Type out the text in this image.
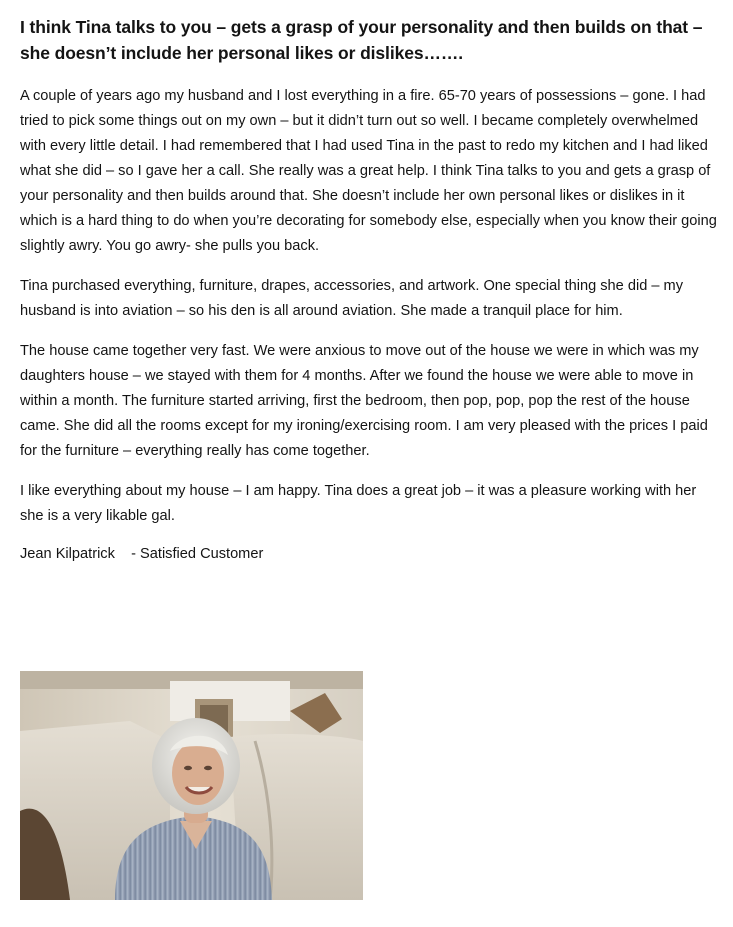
I think Tina talks to you – gets a grasp of your personality and then builds on that – she doesn’t include her personal likes or dislikes…….

A couple of years ago my husband and I lost everything in a fire. 65-70 years of possessions – gone. I had tried to pick some things out on my own – but it didn’t turn out so well. I became completely overwhelmed with every little detail. I had remembered that I had used Tina in the past to redo my kitchen and I had liked what she did – so I gave her a call. She really was a great help. I think Tina talks to you and gets a grasp of your personality and then builds around that. She doesn’t include her own personal likes or dislikes in it which is a hard thing to do when you’re decorating for somebody else, especially when you know their going slightly awry. You go awry- she pulls you back.

Tina purchased everything, furniture, drapes, accessories, and artwork. One special thing she did – my husband is into aviation – so his den is all around aviation. She made a tranquil place for him.

The house came together very fast. We were anxious to move out of the house we were in which was my daughters house – we stayed with them for 4 months. After we found the house we were able to move in within a month. The furniture started arriving, first the bedroom, then pop, pop, pop the rest of the house came. She did all the rooms except for my ironing/exercising room. I am very pleased with the prices I paid for the furniture – everything really has come together.

I like everything about my house – I am happy. Tina does a great job – it was a pleasure working with her she is a very likable gal.

Jean Kilpatrick    - Satisfied Customer
